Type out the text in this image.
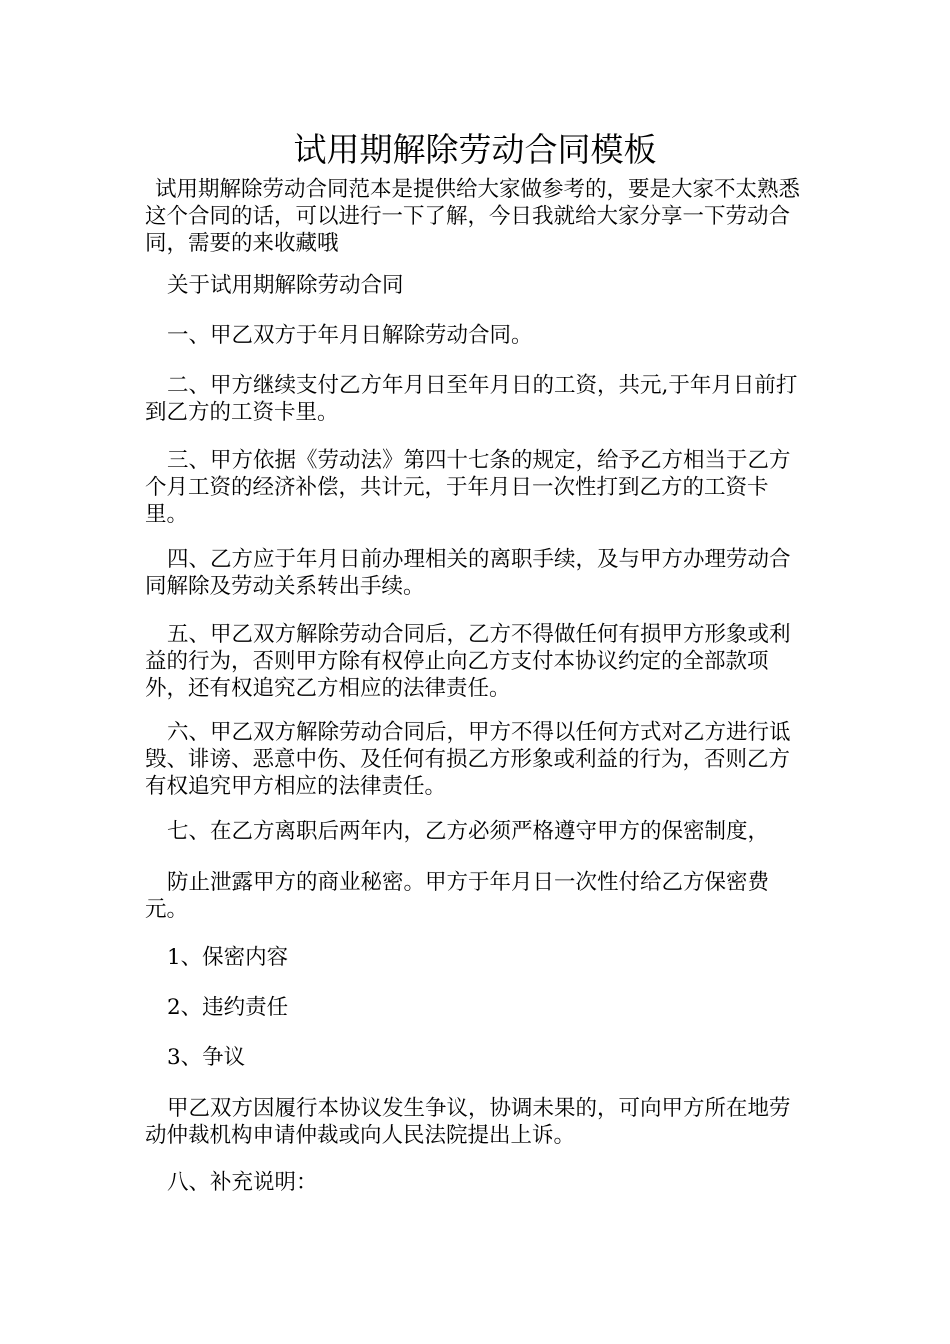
试用期解除劳动合同模板

试用期解除劳动合同范本是提供给大家做参考的，要是大家不太熟悉这个合同的话，可以进行一下了解，今日我就给大家分享一下劳动合同，需要的来收藏哦

关于试用期解除劳动合同

一、甲乙双方于年月日解除劳动合同。

二、甲方继续支付乙方年月日至年月日的工资，共元,于年月日前打到乙方的工资卡里。

三、甲方依据《劳动法》第四十七条的规定，给予乙方相当于乙方个月工资的经济补偿，共计元，于年月日一次性打到乙方的工资卡里。

四、乙方应于年月日前办理相关的离职手续，及与甲方办理劳动合同解除及劳动关系转出手续。

五、甲乙双方解除劳动合同后，乙方不得做任何有损甲方形象或利益的行为，否则甲方除有权停止向乙方支付本协议约定的全部款项外，还有权追究乙方相应的法律责任。

六、甲乙双方解除劳动合同后，甲方不得以任何方式对乙方进行诋毁、诽谤、恶意中伤、及任何有损乙方形象或利益的行为，否则乙方有权追究甲方相应的法律责任。

七、在乙方离职后两年内，乙方必须严格遵守甲方的保密制度，

防止泄露甲方的商业秘密。甲方于年月日一次性付给乙方保密费元。

1、保密内容

2、违约责任

3、争议

甲乙双方因履行本协议发生争议，协调未果的，可向甲方所在地劳动仲裁机构申请仲裁或向人民法院提出上诉。

八、补充说明：
